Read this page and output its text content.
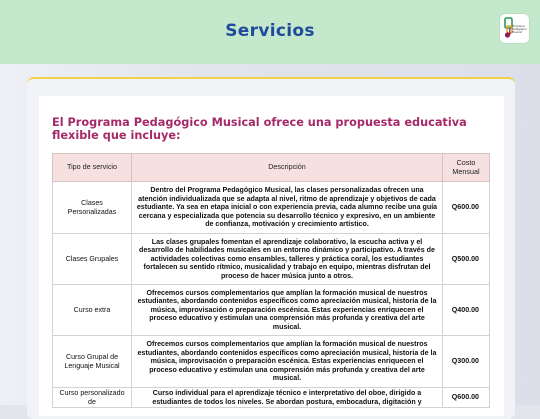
Servicios	Programa
Pedagógico
Musical
El Programa Pedagógico Musical ofrece una propuesta educativa flexible que incluye:
Tipo de servicio	Descripción	Costo Mensual
Clases Personalizadas	Dentro del Programa Pedagógico Musical, las clases personalizadas ofrecen una atención individualizada que se adapta al nivel, ritmo de aprendizaje y objetivos de cada estudiante. Ya sea en etapa inicial o con experiencia previa, cada alumno recibe una guía cercana y especializada que potencia su desarrollo técnico y expresivo, en un ambiente de confianza, motivación y crecimiento artístico.	Q600.00
Clases Grupales	Las clases grupales fomentan el aprendizaje colaborativo, la escucha activa y el desarrollo de habilidades musicales en un entorno dinámico y participativo. A través de actividades colectivas como ensambles, talleres y práctica coral, los estudiantes fortalecen su sentido rítmico, musicalidad y trabajo en equipo, mientras disfrutan del proceso de hacer música junto a otros.	Q500.00
Curso extra	Ofrecemos cursos complementarios que amplían la formación musical de nuestros estudiantes, abordando contenidos específicos como apreciación musical, historia de la música, improvisación o preparación escénica. Estas experiencias enriquecen el proceso educativo y estimulan una comprensión más profunda y creativa del arte musical.	Q400.00
Curso Grupal de Lenguaje Musical	Ofrecemos cursos complementarios que amplían la formación musical de nuestros estudiantes, abordando contenidos específicos como apreciación musical, historia de la música, improvisación o preparación escénica. Estas experiencias enriquecen el proceso educativo y estimulan una comprensión más profunda y creativa del arte musical.	Q300.00
Curso personalizado de	Curso individual para el aprendizaje técnico e interpretativo del oboe, dirigido a estudiantes de todos los niveles. Se abordan postura, embocadura, digitación y	Q600.00
